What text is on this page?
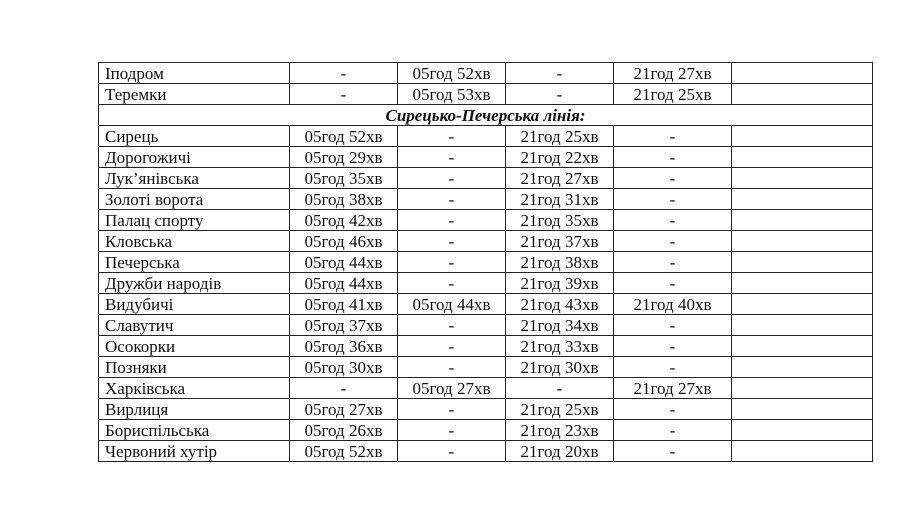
Іподром	-	05год 52хв	-	21год 27хв	
Теремки	-	05год 53хв	-	21год 25хв	
Сирецько-Печерська лінія:					
Сирець	05год 52хв	-	21год 25хв	-	
Дорогожичі	05год 29хв	-	21год 22хв	-	
Лук’янівська	05год 35хв	-	21год 27хв	-	
Золоті ворота	05год 38хв	-	21год 31хв	-	
Палац спорту	05год 42хв	-	21год 35хв	-	
Кловська	05год 46хв	-	21год 37хв	-	
Печерська	05год 44хв	-	21год 38хв	-	
Дружби народів	05год 44хв	-	21год 39хв	-	
Видубичі	05год 41хв	05год 44хв	21год 43хв	21год 40хв	
Славутич	05год 37хв	-	21год 34хв	-	
Осокорки	05год 36хв	-	21год 33хв	-	
Позняки	05год 30хв	-	21год 30хв	-	
Харківська	-	05год 27хв	-	21год 27хв	
Вирлиця	05год 27хв	-	21год 25хв	-	
Бориспільська	05год 26хв	-	21год 23хв	-	
Червоний хутір	05год 52хв	-	21год 20хв	-	
